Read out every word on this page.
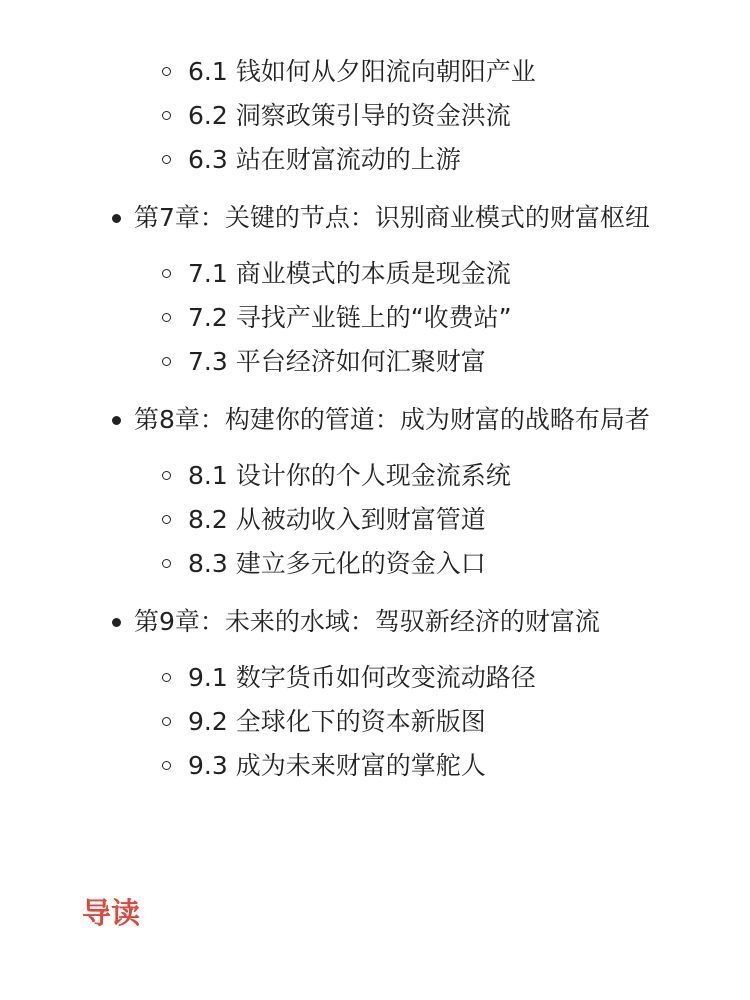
6.1 钱如何从夕阳流向朝阳产业
6.2 洞察政策引导的资金洪流
6.3 站在财富流动的上游
第7章：关键的节点：识别商业模式的财富枢纽
7.1 商业模式的本质是现金流
7.2 寻找产业链上的“收费站”
7.3 平台经济如何汇聚财富
第8章：构建你的管道：成为财富的战略布局者
8.1 设计你的个人现金流系统
8.2 从被动收入到财富管道
8.3 建立多元化的资金入口
第9章：未来的水域：驾驭新经济的财富流
9.1 数字货币如何改变流动路径
9.2 全球化下的资本新版图
9.3 成为未来财富的掌舵人
导读
